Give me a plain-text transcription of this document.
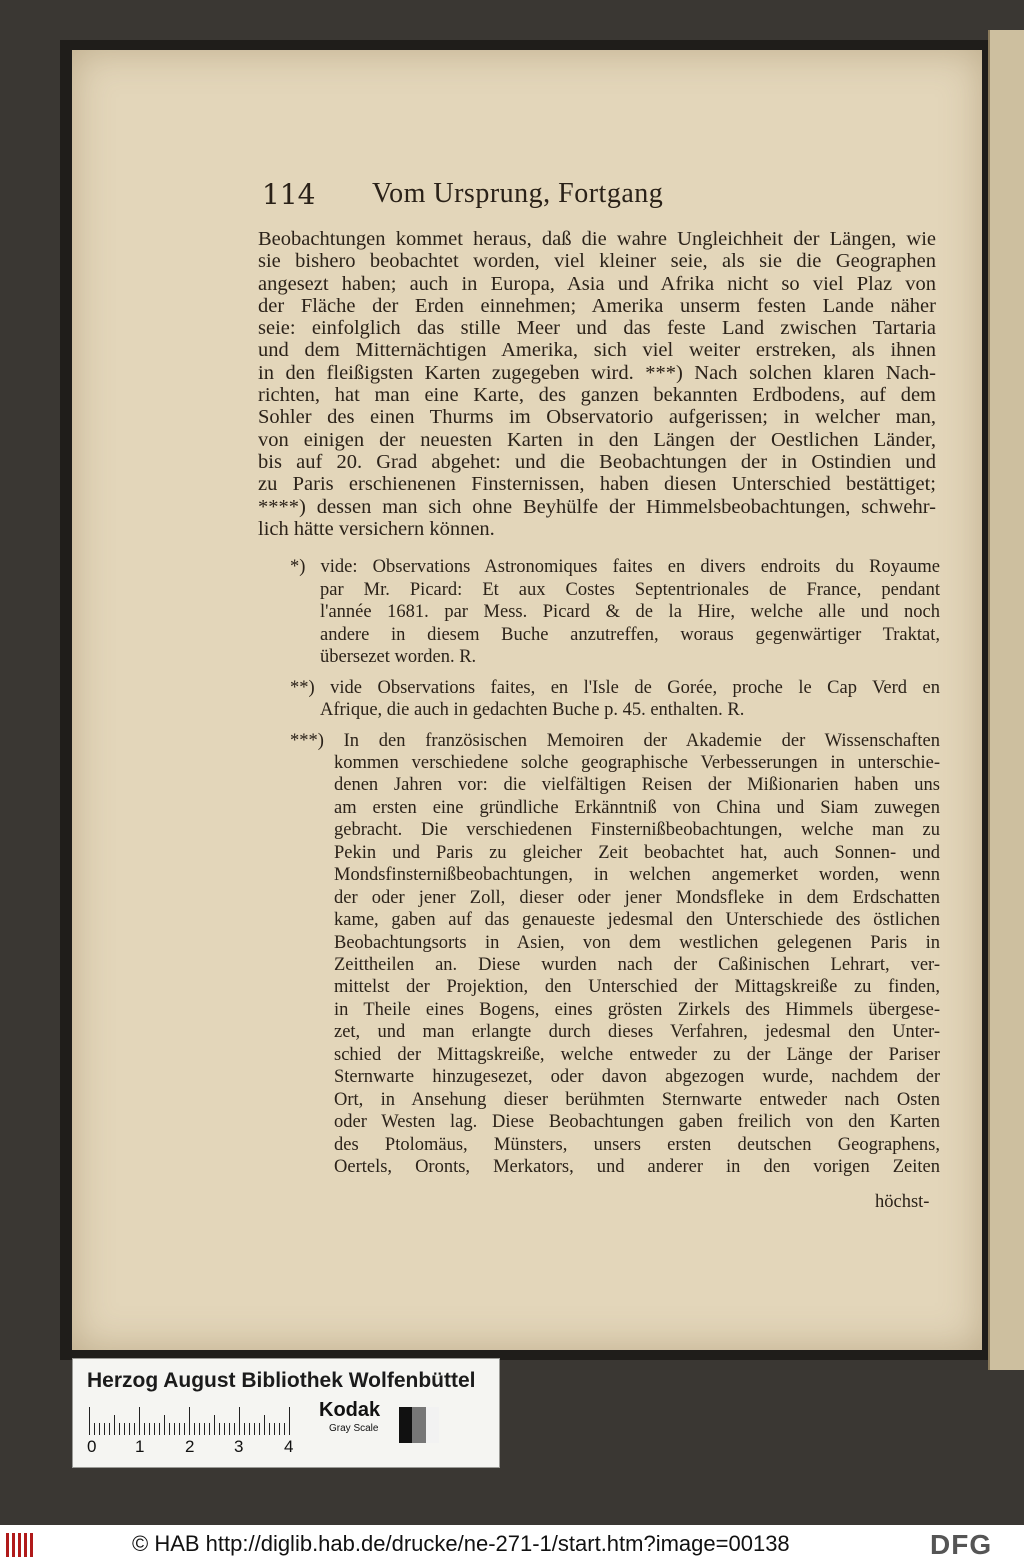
114 Vom Ursprung, Fortgang
Beobachtungen kommet heraus, daß die wahre Ungleichheit der Längen, wie
sie bishero beobachtet worden, viel kleiner seie, als sie die Geographen
angesezt haben; auch in Europa, Asia und Afrika nicht so viel Plaz von
der Fläche der Erden einnehmen; Amerika unserm festen Lande näher
seie: einfolglich das stille Meer und das feste Land zwischen Tartaria
und dem Mitternächtigen Amerika, sich viel weiter erstreken, als ihnen
in den fleißigsten Karten zugegeben wird. ***) Nach solchen klaren Nach-
richten, hat man eine Karte, des ganzen bekannten Erdbodens, auf dem
Sohler des einen Thurms im Observatorio aufgerissen; in welcher man,
von einigen der neuesten Karten in den Längen der Oestlichen Länder,
bis auf 20. Grad abgehet: und die Beobachtungen der in Ostindien und
zu Paris erschienenen Finsternissen, haben diesen Unterschied bestättiget;
****) dessen man sich ohne Beyhülfe der Himmelsbeobachtungen, schwehr-
lich hätte versichern können.
*) vide: Observations Astronomiques faites en divers endroits du Royaume
par Mr. Picard: Et aux Costes Septentrionales de France, pendant
l'année 1681. par Mess. Picard & de la Hire, welche alle und noch
andere in diesem Buche anzutreffen, woraus gegenwärtiger Traktat,
übersezet worden. R.
**) vide Observations faites, en l'Isle de Gorée, proche le Cap Verd en
Afrique, die auch in gedachten Buche p. 45. enthalten. R.
***) In den französischen Memoiren der Akademie der Wissenschaften
kommen verschiedene solche geographische Verbesserungen in unterschie-
denen Jahren vor: die vielfältigen Reisen der Mißionarien haben uns
am ersten eine gründliche Erkänntniß von China und Siam zuwegen
gebracht. Die verschiedenen Finsternißbeobachtungen, welche man zu
Pekin und Paris zu gleicher Zeit beobachtet hat, auch Sonnen- und
Mondsfinsternißbeobachtungen, in welchen angemerket worden, wenn
der oder jener Zoll, dieser oder jener Mondsfleke in dem Erdschatten
kame, gaben auf das genaueste jedesmal den Unterschiede des östlichen
Beobachtungsorts in Asien, von dem westlichen gelegenen Paris in
Zeittheilen an. Diese wurden nach der Caßinischen Lehrart, ver-
mittelst der Projektion, den Unterschied der Mittagskreiße zu finden,
in Theile eines Bogens, eines grösten Zirkels des Himmels übergese-
zet, und man erlangte durch dieses Verfahren, jedesmal den Unter-
schied der Mittagskreiße, welche entweder zu der Länge der Pariser
Sternwarte hinzugesezet, oder davon abgezogen wurde, nachdem der
Ort, in Ansehung dieser berühmten Sternwarte entweder nach Osten
oder Westen lag. Diese Beobachtungen gaben freilich von den Karten
des Ptolomäus, Münsters, unsers ersten deutschen Geographens,
Oertels, Oronts, Merkators, und anderer in den vorigen Zeiten
höchst-
Herzog August Bibliothek Wolfenbüttel
0 1 2 3 4
Kodak
Gray Scale
© HAB http://diglib.hab.de/drucke/ne-271-1/start.htm?image=00138	DFG
